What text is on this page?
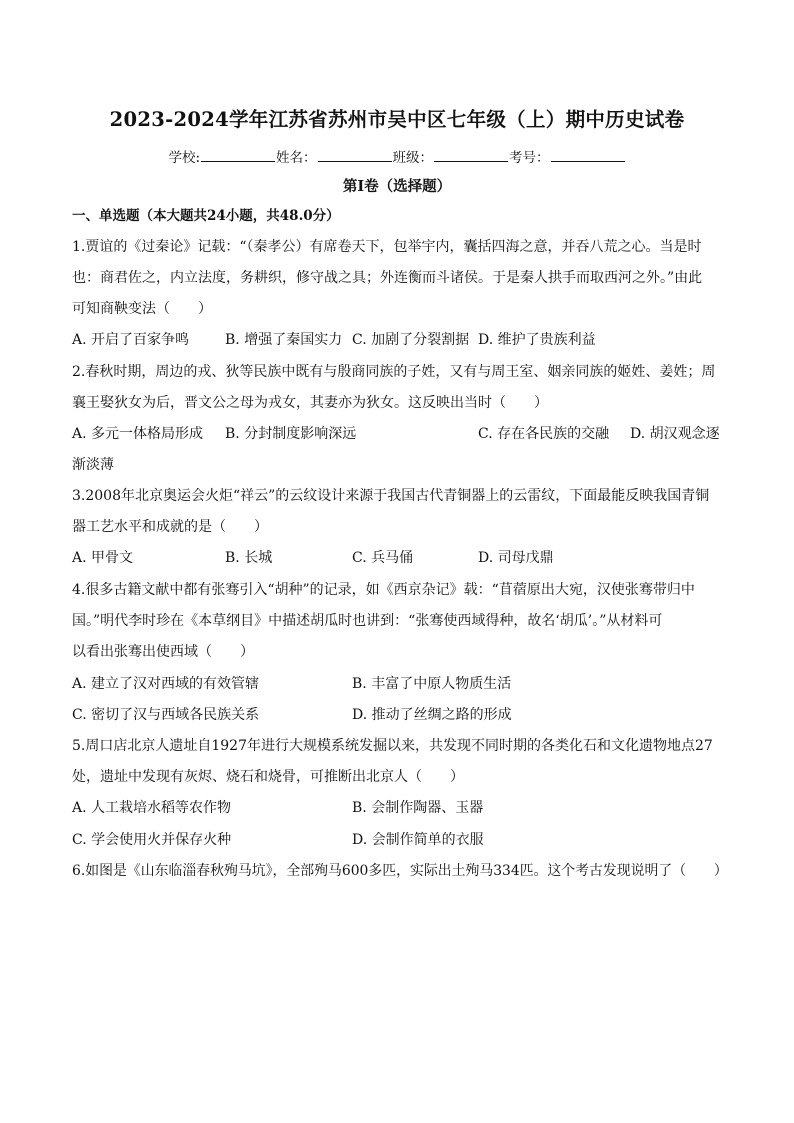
2023-2024学年江苏省苏州市吴中区七年级（上）期中历史试卷
学校:	姓名：	班级：	考号：
第I卷（选择题）
一、单选题（本大题共24小题，共48.0分）
1.贾谊的《过秦论》记载：“（秦孝公）有席卷天下，包举宇内，囊括四海之意，并吞八荒之心。当是时
也：商君佐之，内立法度，务耕织，修守战之具；外连衡而斗诸侯。于是秦人拱手而取西河之外。”由此
可知商鞅变法（　　）
A. 开启了百家争鸣	B. 增强了秦国实力 C. 加剧了分裂割据 D. 维护了贵族利益
2.春秋时期，周边的戎、狄等民族中既有与殷商同族的子姓，又有与周王室、姻亲同族的姬姓、姜姓；周
襄王娶狄女为后，晋文公之母为戎女，其妻亦为狄女。这反映出当时（　　）
A. 多元一体格局形成 B. 分封制度影响深远	C. 存在各民族的交融 D. 胡汉观念逐
渐淡薄
3.2008年北京奥运会火炬“祥云”的云纹设计来源于我国古代青铜器上的云雷纹，下面最能反映我国青铜
器工艺水平和成就的是（　　）
A. 甲骨文	B. 长城	C. 兵马俑	D. 司母戊鼎
4.很多古籍文献中都有张骞引入“胡种”的记录，如《西京杂记》载：“苜蓿原出大宛，汉使张骞带归中
国。”明代李时珍在《本草纲目》中描述胡瓜时也讲到：“张骞使西域得种，故名‘胡瓜’。”从材料可
以看出张骞出使西域（　　）
A. 建立了汉对西域的有效管辖	B. 丰富了中原人物质生活
C. 密切了汉与西域各民族关系	D. 推动了丝绸之路的形成
5.周口店北京人遗址自1927年进行大规模系统发掘以来，共发现不同时期的各类化石和文化遗物地点27
处，遗址中发现有灰烬、烧石和烧骨，可推断出北京人（　　）
A. 人工栽培水稻等农作物	B. 会制作陶器、玉器
C. 学会使用火并保存火种	D. 会制作简单的衣服
6.如图是《山东临淄春秋殉马坑》，全部殉马600多匹，实际出土殉马334匹。这个考古发现说明了（　　）
